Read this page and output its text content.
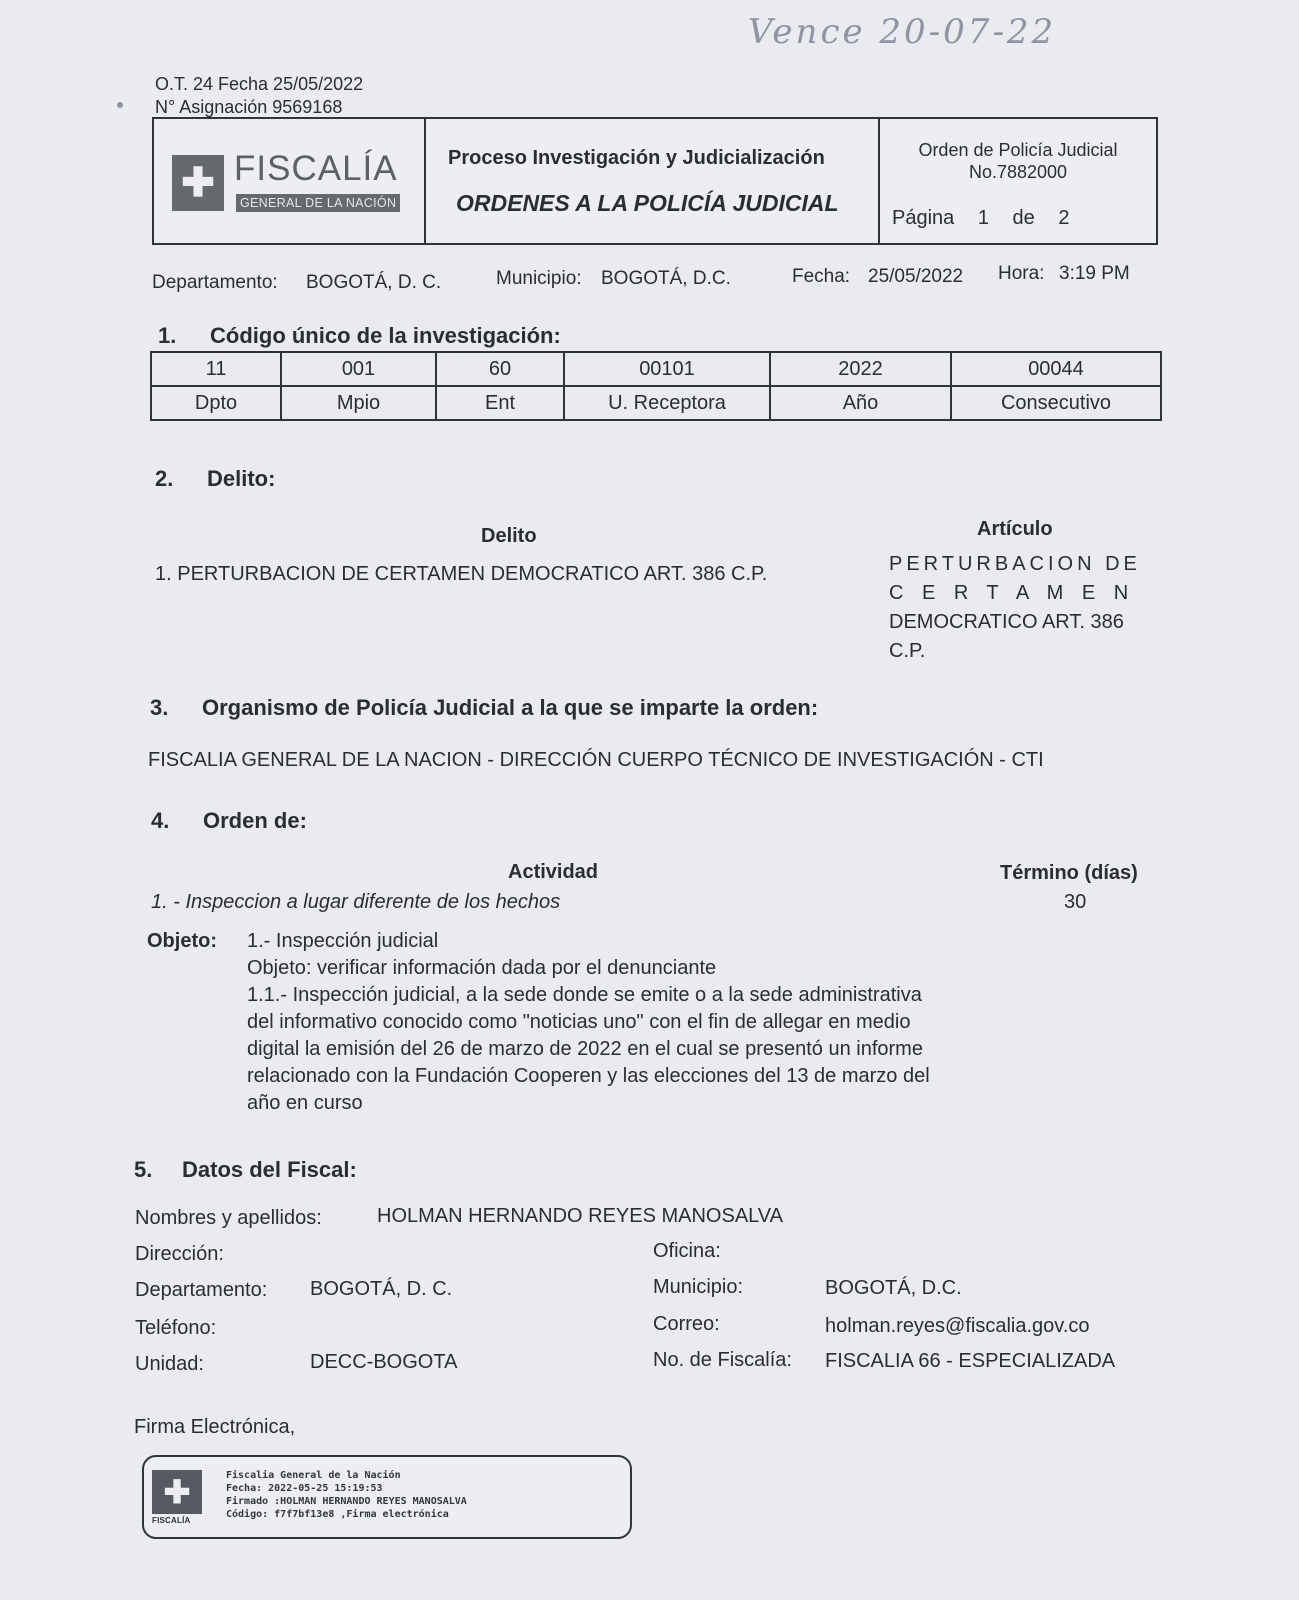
Vence 20-07-22
O.T. 24 Fecha 25/05/2022
N° Asignación 9569168
✚ FISCALÍA
GENERAL DE LA NACIÓN
Proceso Investigación y Judicialización
ORDENES A LA POLICÍA JUDICIAL
Orden de Policía Judicial
No.7882000
Página 1 de 2
Departamento: BOGOTÁ, D. C.	Municipio: BOGOTÁ, D.C.	Fecha: 25/05/2022 Hora: 3:19 PM
1. Código único de la investigación:
11	001	60	00101	2022	00044
Dpto	Mpio	Ent	U. Receptora	Año	Consecutivo
2. Delito:
Delito	Artículo
1. PERTURBACION DE CERTAMEN DEMOCRATICO ART. 386 C.P.	PERTURBACION DE
C E R T A M E N
DEMOCRATICO ART. 386
C.P.
3. Organismo de Policía Judicial a la que se imparte la orden:
FISCALIA GENERAL DE LA NACION - DIRECCIÓN CUERPO TÉCNICO DE INVESTIGACIÓN - CTI
4. Orden de:
Actividad	Término (días)
1. - Inspeccion a lugar diferente de los hechos	30
Objeto: 1.- Inspección judicial
Objeto: verificar información dada por el denunciante
1.1.- Inspección judicial, a la sede donde se emite o a la sede administrativa
del informativo conocido como "noticias uno" con el fin de allegar en medio
digital la emisión del 26 de marzo de 2022 en el cual se presentó un informe
relacionado con la Fundación Cooperen y las elecciones del 13 de marzo del
año en curso
5. Datos del Fiscal:
Nombres y apellidos:	HOLMAN HERNANDO REYES MANOSALVA
Dirección:	Oficina:
Departamento: BOGOTÁ, D. C.	Municipio:	BOGOTÁ, D.C.
Teléfono:	Correo:	holman.reyes@fiscalia.gov.co
Unidad:	DECC-BOGOTA	No. de Fiscalía: FISCALIA 66 - ESPECIALIZADA
Firma Electrónica,
✚
FISCALÍA
Fiscalia General de la Nación
Fecha: 2022-05-25 15:19:53
Firmado :HOLMAN HERNANDO REYES MANOSALVA
Código: f7f7bf13e8 ,Firma electrónica
